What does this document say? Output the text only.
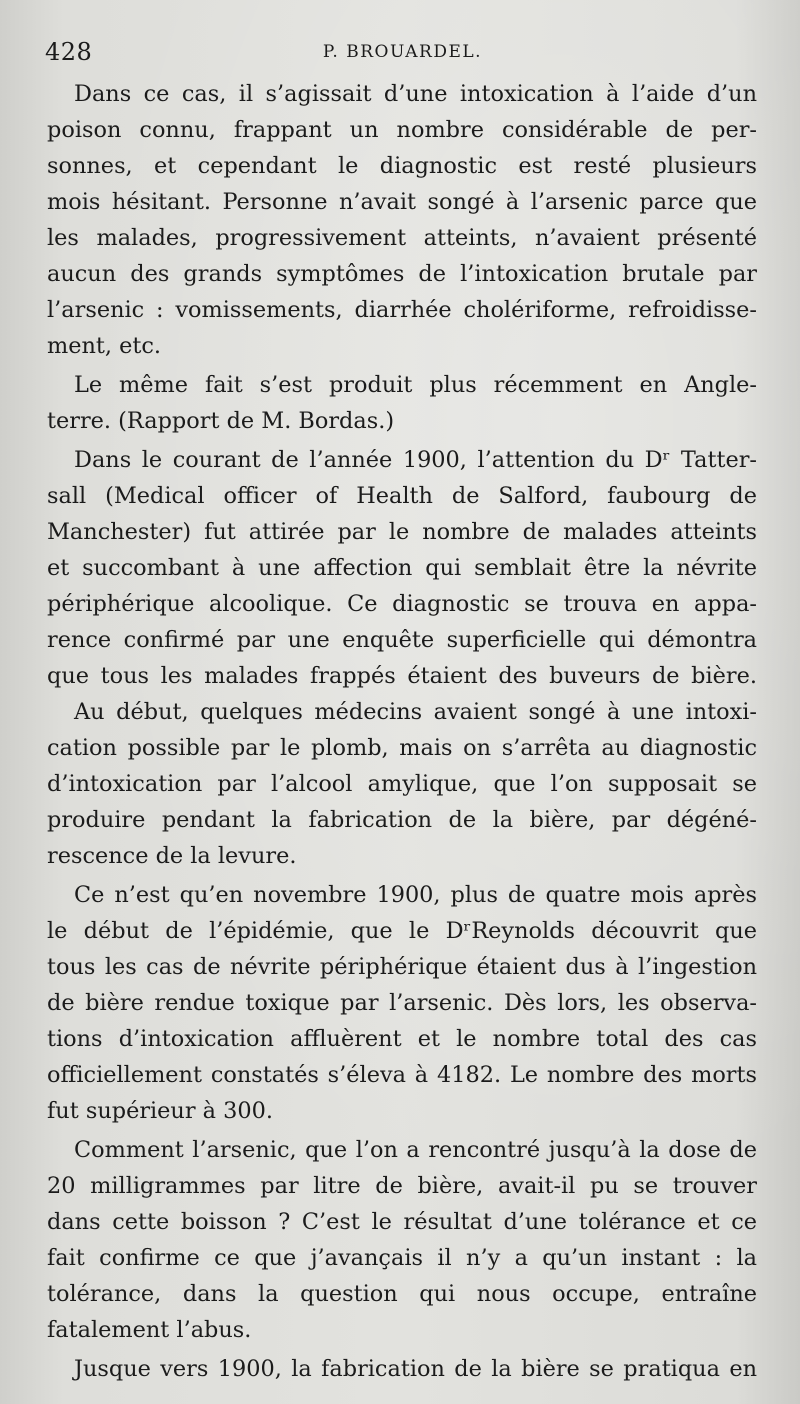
428	P. BROUARDEL.
Dans ce cas, il s’agissait d’une intoxication à l’aide d’un
poison connu, frappant un nombre considérable de per-
sonnes, et cependant le diagnostic est resté plusieurs
mois hésitant. Personne n’avait songé à l’arsenic parce que
les malades, progressivement atteints, n’avaient présenté
aucun des grands symptômes de l’intoxication brutale par
l’arsenic : vomissements, diarrhée cholériforme, refroidisse-
ment, etc.
Le même fait s’est produit plus récemment en Angle-
terre. (Rapport de M. Bordas.)
Dans le courant de l’année 1900, l’attention du Dʳ Tatter-
sall (Medical officer of Health de Salford, faubourg de
Manchester) fut attirée par le nombre de malades atteints
et succombant à une affection qui semblait être la névrite
périphérique alcoolique. Ce diagnostic se trouva en appa-
rence confirmé par une enquête superficielle qui démontra
que tous les malades frappés étaient des buveurs de bière.
Au début, quelques médecins avaient songé à une intoxi-
cation possible par le plomb, mais on s’arrêta au diagnostic
d’intoxication par l’alcool amylique, que l’on supposait se
produire pendant la fabrication de la bière, par dégéné-
rescence de la levure.
Ce n’est qu’en novembre 1900, plus de quatre mois après
le début de l’épidémie, que le DʳReynolds découvrit que
tous les cas de névrite périphérique étaient dus à l’ingestion
de bière rendue toxique par l’arsenic. Dès lors, les observa-
tions d’intoxication affluèrent et le nombre total des cas
officiellement constatés s’éleva à 4182. Le nombre des morts
fut supérieur à 300.
Comment l’arsenic, que l’on a rencontré jusqu’à la dose de
20 milligrammes par litre de bière, avait-il pu se trouver
dans cette boisson ? C’est le résultat d’une tolérance et ce
fait confirme ce que j’avançais il n’y a qu’un instant : la
tolérance, dans la question qui nous occupe, entraîne
fatalement l’abus.
Jusque vers 1900, la fabrication de la bière se pratiqua en
